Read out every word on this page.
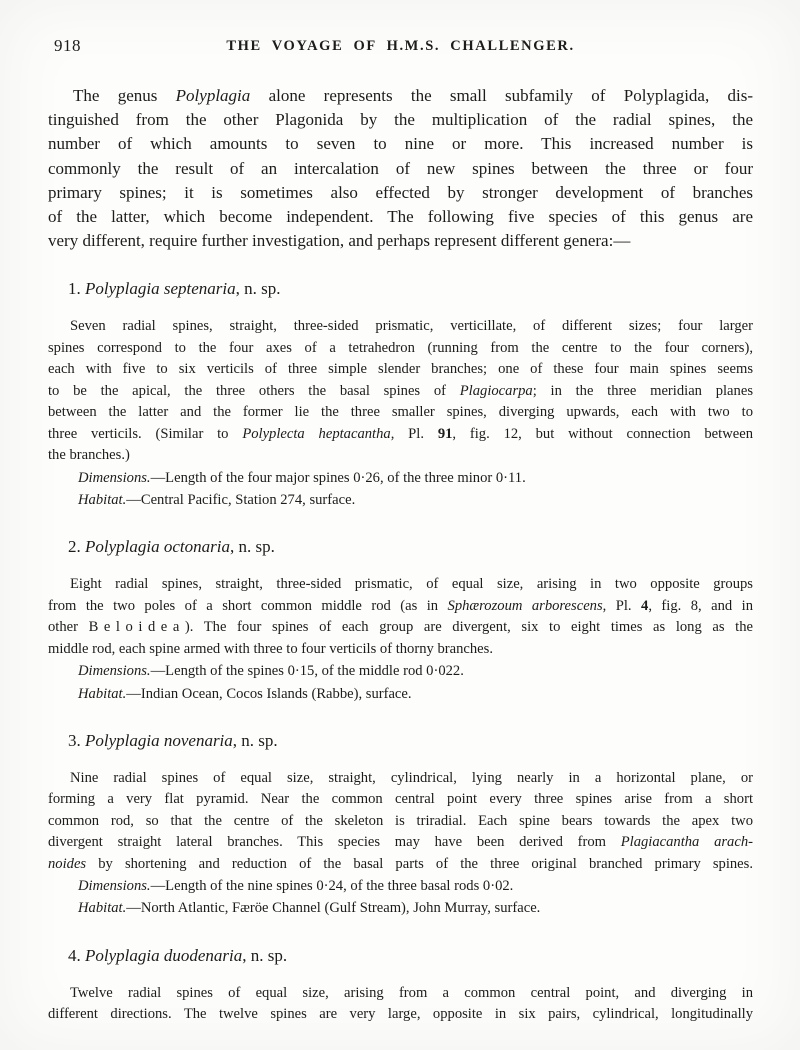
918	THE VOYAGE OF H.M.S. CHALLENGER.
The genus Polyplagia alone represents the small subfamily of Polyplagida, dis-
tinguished from the other Plagonida by the multiplication of the radial spines, the
number of which amounts to seven to nine or more. This increased number is
commonly the result of an intercalation of new spines between the three or four
primary spines; it is sometimes also effected by stronger development of branches
of the latter, which become independent. The following five species of this genus are
very different, require further investigation, and perhaps represent different genera:—
1. Polyplagia septenaria, n. sp.
Seven radial spines, straight, three-sided prismatic, verticillate, of different sizes; four larger
spines correspond to the four axes of a tetrahedron (running from the centre to the four corners),
each with five to six verticils of three simple slender branches; one of these four main spines seems
to be the apical, the three others the basal spines of Plagiocarpa; in the three meridian planes
between the latter and the former lie the three smaller spines, diverging upwards, each with two to
three verticils. (Similar to Polyplecta heptacantha, Pl. 91, fig. 12, but without connection between
the branches.)
Dimensions.—Length of the four major spines 0·26, of the three minor 0·11.
Habitat.—Central Pacific, Station 274, surface.
2. Polyplagia octonaria, n. sp.
Eight radial spines, straight, three-sided prismatic, of equal size, arising in two opposite groups
from the two poles of a short common middle rod (as in Sphærozoum arborescens, Pl. 4, fig. 8, and in
other Beloidea). The four spines of each group are divergent, six to eight times as long as the
middle rod, each spine armed with three to four verticils of thorny branches.
Dimensions.—Length of the spines 0·15, of the middle rod 0·022.
Habitat.—Indian Ocean, Cocos Islands (Rabbe), surface.
3. Polyplagia novenaria, n. sp.
Nine radial spines of equal size, straight, cylindrical, lying nearly in a horizontal plane, or
forming a very flat pyramid. Near the common central point every three spines arise from a short
common rod, so that the centre of the skeleton is triradial. Each spine bears towards the apex two
divergent straight lateral branches. This species may have been derived from Plagiacantha arach-
noides by shortening and reduction of the basal parts of the three original branched primary spines.
Dimensions.—Length of the nine spines 0·24, of the three basal rods 0·02.
Habitat.—North Atlantic, Færöe Channel (Gulf Stream), John Murray, surface.
4. Polyplagia duodenaria, n. sp.
Twelve radial spines of equal size, arising from a common central point, and diverging in
different directions. The twelve spines are very large, opposite in six pairs, cylindrical, longitudinally
